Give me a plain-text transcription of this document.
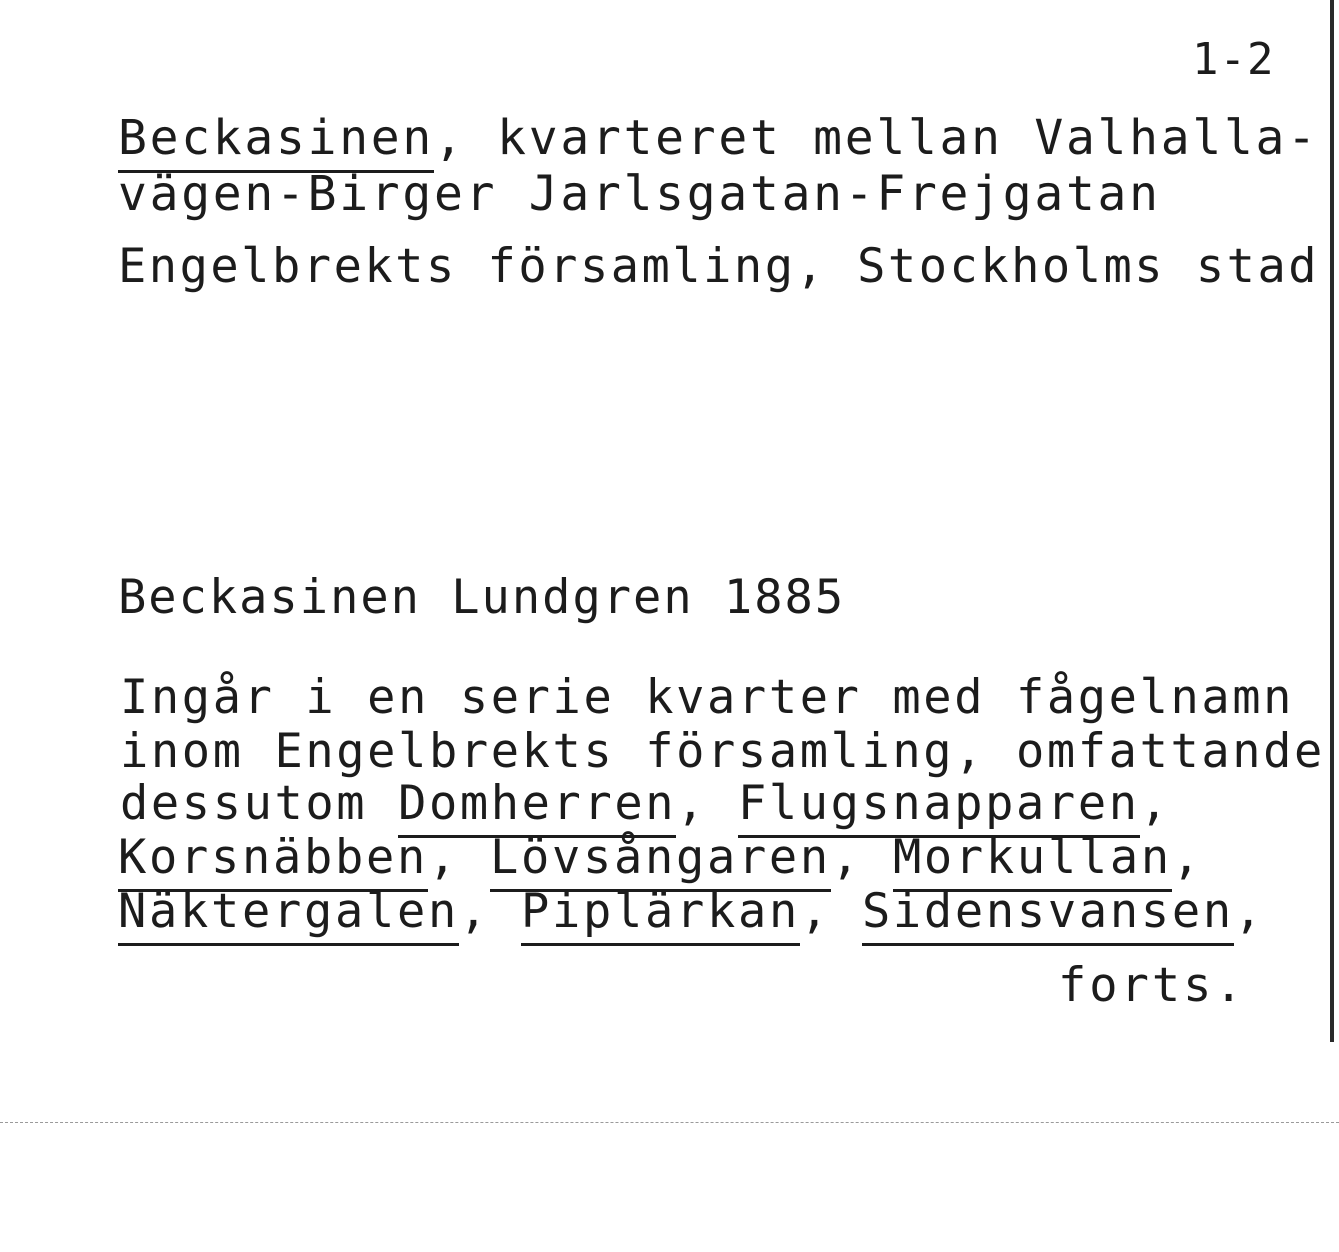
1-2
Beckasinen, kvarteret mellan Valhalla-
vägen-Birger Jarlsgatan-Frejgatan
Engelbrekts församling, Stockholms stad
Beckasinen Lundgren 1885
Ingår i en serie kvarter med fågelnamn
inom Engelbrekts församling, omfattande
dessutom Domherren, Flugsnapparen,
Korsnäbben, Lövsångaren, Morkullan,
Näktergalen, Piplärkan, Sidensvansen,
forts.
